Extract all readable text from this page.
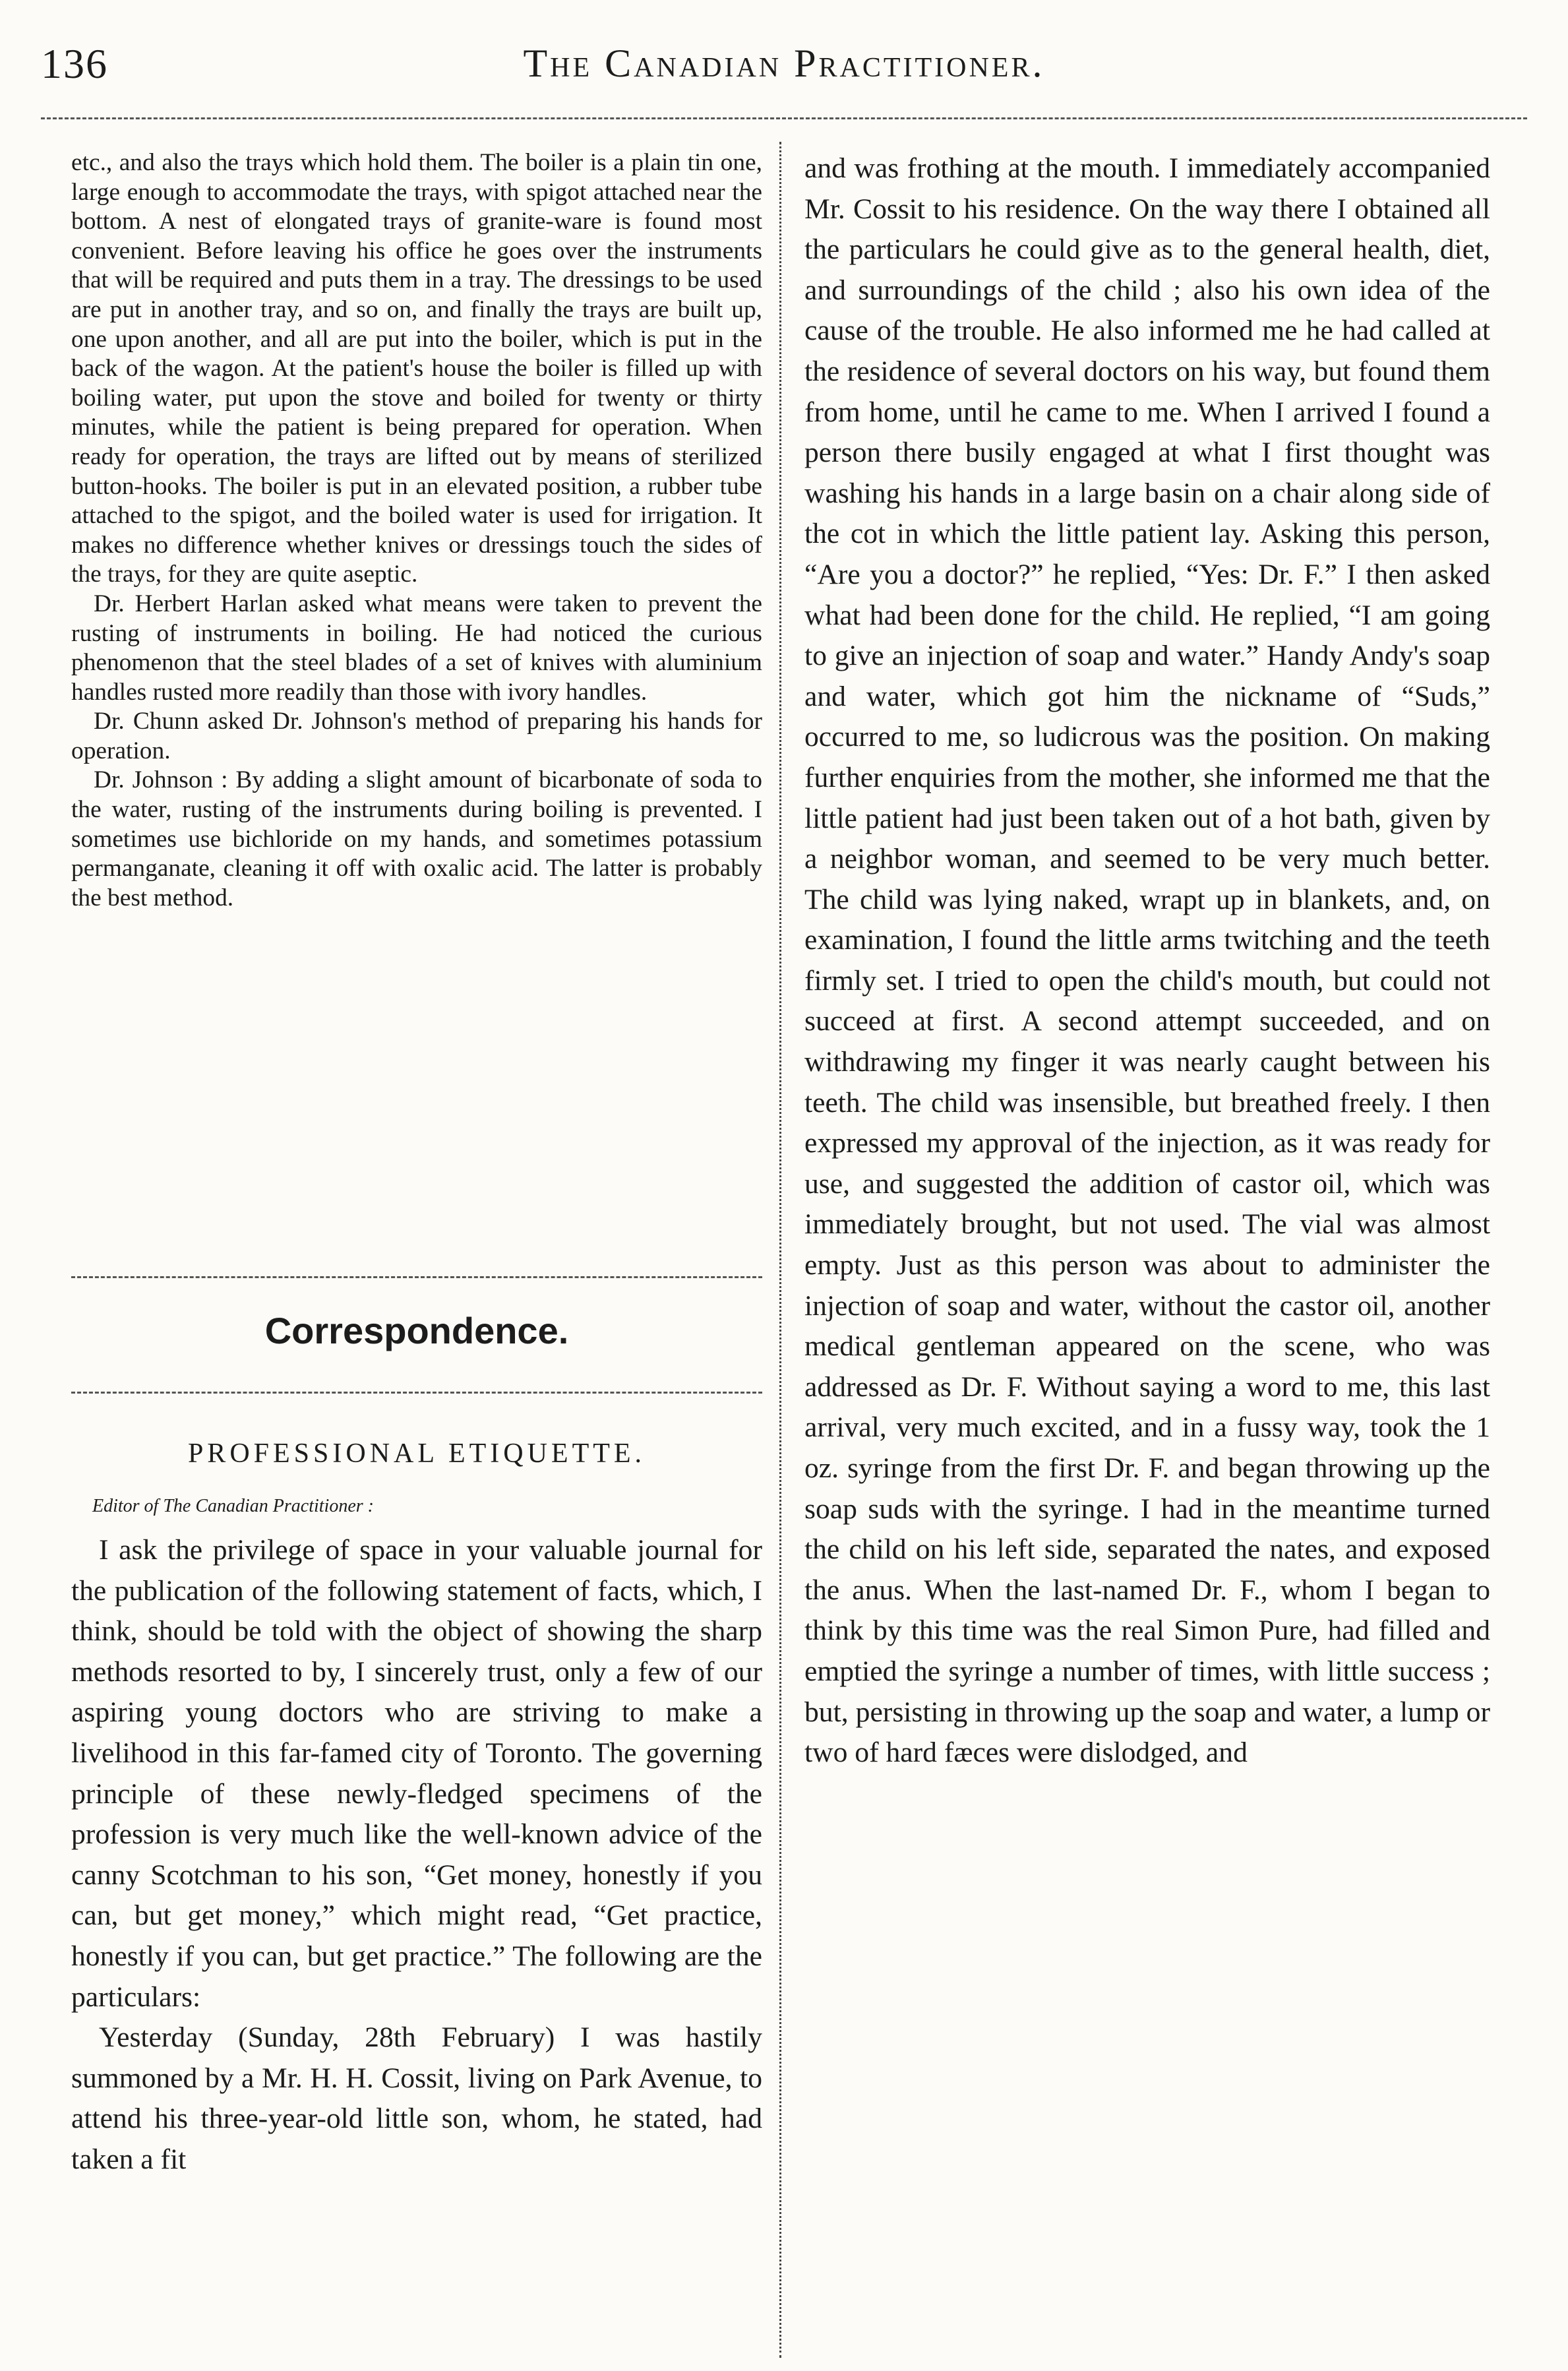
136	The Canadian Practitioner.

etc., and also the trays which hold them. The boiler is a plain tin one, large enough to accommodate the trays, with spigot attached near the bottom. A nest of elongated trays of granite-ware is found most convenient. Before leaving his office he goes over the instruments that will be required and puts them in a tray. The dressings to be used are put in another tray, and so on, and finally the trays are built up, one upon another, and all are put into the boiler, which is put in the back of the wagon. At the patient's house the boiler is filled up with boiling water, put upon the stove and boiled for twenty or thirty minutes, while the patient is being prepared for operation. When ready for operation, the trays are lifted out by means of sterilized button-hooks. The boiler is put in an elevated position, a rubber tube attached to the spigot, and the boiled water is used for irrigation. It makes no difference whether knives or dressings touch the sides of the trays, for they are quite aseptic.

Dr. Herbert Harlan asked what means were taken to prevent the rusting of instruments in boiling. He had noticed the curious phenomenon that the steel blades of a set of knives with aluminium handles rusted more readily than those with ivory handles.

Dr. Chunn asked Dr. Johnson's method of preparing his hands for operation.

Dr. Johnson : By adding a slight amount of bicarbonate of soda to the water, rusting of the instruments during boiling is prevented. I sometimes use bichloride on my hands, and sometimes potassium permanganate, cleaning it off with oxalic acid. The latter is probably the best method.

Correspondence.
PROFESSIONAL ETIQUETTE.
Editor of The Canadian Practitioner :

I ask the privilege of space in your valuable journal for the publication of the following statement of facts, which, I think, should be told with the object of showing the sharp methods resorted to by, I sincerely trust, only a few of our aspiring young doctors who are striving to make a livelihood in this far-famed city of Toronto. The governing principle of these newly-fledged specimens of the profession is very much like the well-known advice of the canny Scotchman to his son, “Get money, honestly if you can, but get money,” which might read, “Get practice, honestly if you can, but get practice.” The following are the particulars:

Yesterday (Sunday, 28th February) I was hastily summoned by a Mr. H. H. Cossit, living on Park Avenue, to attend his three-year-old little son, whom, he stated, had taken a fit

and was frothing at the mouth. I immediately accompanied Mr. Cossit to his residence. On the way there I obtained all the particulars he could give as to the general health, diet, and surroundings of the child ; also his own idea of the cause of the trouble. He also informed me he had called at the residence of several doctors on his way, but found them from home, until he came to me. When I arrived I found a person there busily engaged at what I first thought was washing his hands in a large basin on a chair along side of the cot in which the little patient lay. Asking this person, “Are you a doctor?” he replied, “Yes: Dr. F.” I then asked what had been done for the child. He replied, “I am going to give an injection of soap and water.” Handy Andy's soap and water, which got him the nickname of “Suds,” occurred to me, so ludicrous was the position. On making further enquiries from the mother, she informed me that the little patient had just been taken out of a hot bath, given by a neighbor woman, and seemed to be very much better. The child was lying naked, wrapt up in blankets, and, on examination, I found the little arms twitching and the teeth firmly set. I tried to open the child's mouth, but could not succeed at first. A second attempt succeeded, and on withdrawing my finger it was nearly caught between his teeth. The child was insensible, but breathed freely. I then expressed my approval of the injection, as it was ready for use, and suggested the addition of castor oil, which was immediately brought, but not used. The vial was almost empty. Just as this person was about to administer the injection of soap and water, without the castor oil, another medical gentleman appeared on the scene, who was addressed as Dr. F. Without saying a word to me, this last arrival, very much excited, and in a fussy way, took the 1 oz. syringe from the first Dr. F. and began throwing up the soap suds with the syringe. I had in the meantime turned the child on his left side, separated the nates, and exposed the anus. When the last-named Dr. F., whom I began to think by this time was the real Simon Pure, had filled and emptied the syringe a number of times, with little success ; but, persisting in throwing up the soap and water, a lump or two of hard fæces were dislodged, and
